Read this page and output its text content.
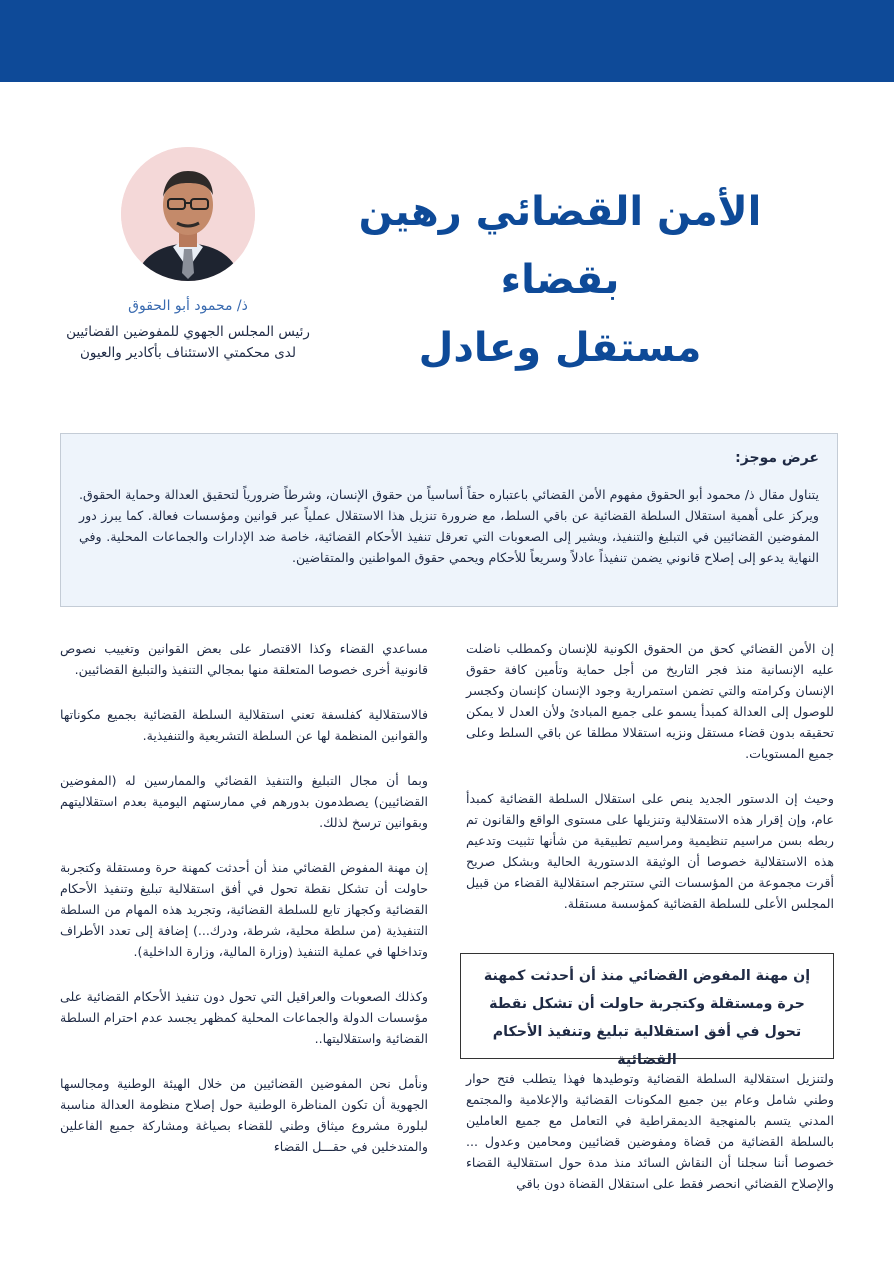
الأمن القضائي رهين بقضاء
مستقل وعادل
ذ/ محمود أبو الحقوق
رئيس المجلس الجهوي للمفوضين القضائيين
لدى محكمتي الاستئناف بأكادير والعيون
عرض موجز:
يتناول مقال ذ/ محمود أبو الحقوق مفهوم الأمن القضائي باعتباره حقاً أساسياً من حقوق الإنسان، وشرطاً ضرورياً لتحقيق العدالة وحماية الحقوق. ويركز على أهمية استقلال السلطة القضائية عن باقي السلط، مع ضرورة تنزيل هذا الاستقلال عملياً عبر قوانين ومؤسسات فعالة. كما يبرز دور المفوضين القضائيين في التبليغ والتنفيذ، ويشير إلى الصعوبات التي تعرقل تنفيذ الأحكام القضائية، خاصة ضد الإدارات والجماعات المحلية. وفي النهاية يدعو إلى إصلاح قانوني يضمن تنفيذاً عادلاً وسريعاً للأحكام ويحمي حقوق المواطنين والمتقاضين.

إن الأمن القضائي كحق من الحقوق الكونية للإنسان وكمطلب ناضلت عليه الإنسانية منذ فجر التاريخ من أجل حماية وتأمين كافة حقوق الإنسان وكرامته والتي تضمن استمرارية وجود الإنسان كإنسان وكجسر للوصول إلى العدالة كمبدأ يسمو على جميع المبادئ ولأن العدل لا يمكن تحقيقه بدون قضاء مستقل ونزيه استقلالا مطلقا عن باقي السلط وعلى جميع المستويات.

وحيث إن الدستور الجديد ينص على استقلال السلطة القضائية كمبدأ عام، وإن إقرار هذه الاستقلالية وتنزيلها على مستوى الواقع والقانون تم ربطه بسن مراسيم تنظيمية ومراسيم تطبيقية من شأنها تثبيت وتدعيم هذه الاستقلالية خصوصا أن الوثيقة الدستورية الحالية وبشكل صريح أقرت مجموعة من المؤسسات التي ستترجم استقلالية القضاء من قبيل المجلس الأعلى للسلطة القضائية كمؤسسة مستقلة.

إن مهنة المفوض القضائي منذ أن أحدثت كمهنة حرة ومستقلة وكتجربة حاولت أن تشكل نقطة تحول في أفق استقلالية تبليغ وتنفيذ الأحكام القضائية

ولتنزيل استقلالية السلطة القضائية وتوطيدها فهذا يتطلب فتح حوار وطني شامل وعام بين جميع المكونات القضائية والإعلامية والمجتمع المدني يتسم بالمنهجية الديمقراطية في التعامل مع جميع العاملين بالسلطة القضائية من قضاة ومفوضين قضائيين ومحامين وعدول ... خصوصا أننا سجلنا أن النقاش السائد منذ مدة حول استقلالية القضاء والإصلاح القضائي انحصر فقط على استقلال القضاة دون باقي

مساعدي القضاء وكذا الاقتصار على بعض القوانين وتغييب نصوص قانونية أخرى خصوصا المتعلقة منها بمجالي التنفيذ والتبليغ القضائيين.

فالاستقلالية كفلسفة تعني استقلالية السلطة القضائية بجميع مكوناتها والقوانين المنظمة لها عن السلطة التشريعية والتنفيذية.

وبما أن مجال التبليغ والتنفيذ القضائي والممارسين له (المفوضين القضائيين) يصطدمون بدورهم في ممارستهم اليومية بعدم استقلاليتهم وبقوانين ترسخ لذلك.

إن مهنة المفوض القضائي منذ أن أحدثت كمهنة حرة ومستقلة وكتجربة حاولت أن تشكل نقطة تحول في أفق استقلالية تبليغ وتنفيذ الأحكام القضائية وكجهاز تابع للسلطة القضائية، وتجريد هذه المهام من السلطة التنفيذية (من سلطة محلية، شرطة، ودرك...) إضافة إلى تعدد الأطراف وتداخلها في عملية التنفيذ (وزارة المالية، وزارة الداخلية).

وكذلك الصعوبات والعراقيل التي تحول دون تنفيذ الأحكام القضائية على مؤسسات الدولة والجماعات المحلية كمظهر يجسد عدم احترام السلطة القضائية واستقلاليتها..

ونأمل نحن المفوضين القضائيين من خلال الهيئة الوطنية ومجالسها الجهوية أن تكون المناظرة الوطنية حول إصلاح منظومة العدالة مناسبة لبلورة مشروع ميثاق وطني للقضاء بصياغة ومشاركة جميع الفاعلين والمتدخلين في حقـــل القضاء
